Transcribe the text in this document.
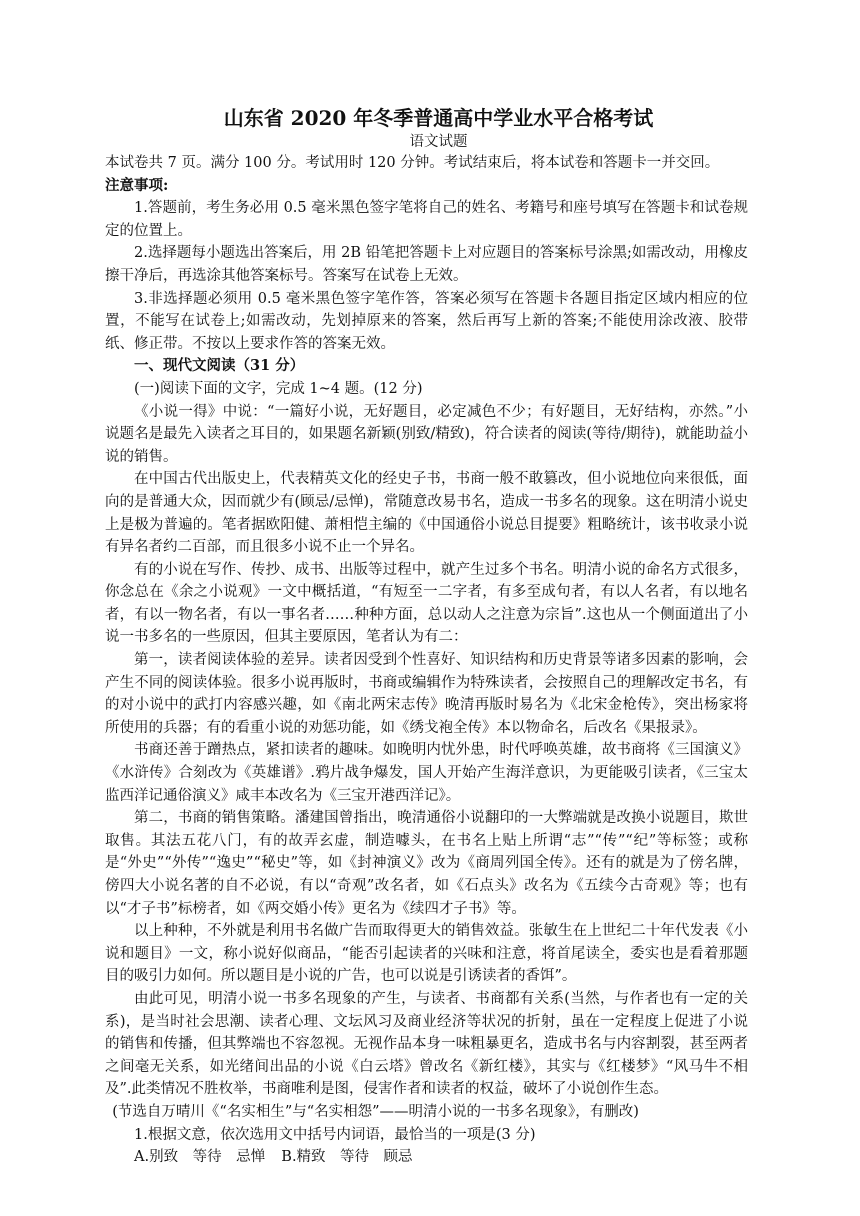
山东省 2020 年冬季普通高中学业水平合格考试
语文试题

本试卷共 7 页。满分 100 分。考试用时 120 分钟。考试结束后，将本试卷和答题卡一并交回。

注意事项:

1.答题前，考生务必用 0.5 毫米黑色签字笔将自己的姓名、考籍号和座号填写在答题卡和试卷规定的位置上。

2.选择题每小题选出答案后，用 2B 铅笔把答题卡上对应题目的答案标号涂黑;如需改动，用橡皮擦干净后，再选涂其他答案标号。答案写在试卷上无效。

3.非选择题必须用 0.5 毫米黑色签字笔作答，答案必须写在答题卡各题目指定区域内相应的位置，不能写在试卷上;如需改动，先划掉原来的答案，然后再写上新的答案;不能使用涂改液、胶带纸、修正带。不按以上要求作答的答案无效。

一、现代文阅读（31 分）

(一)阅读下面的文字，完成 1~4 题。(12 分)

《小说一得》中说：“一篇好小说，无好题目，必定减色不少；有好题目，无好结构，亦然。”小说题名是最先入读者之耳目的，如果题名新颖(别致/精致)，符合读者的阅读(等待/期待)，就能助益小说的销售。

在中国古代出版史上，代表精英文化的经史子书，书商一般不敢篡改，但小说地位向来很低，面向的是普通大众，因而就少有(顾忌/忌惮)，常随意改易书名，造成一书多名的现象。这在明清小说史上是极为普遍的。笔者据欧阳健、萧相恺主编的《中国通俗小说总目提要》粗略统计，该书收录小说有异名者约二百部，而且很多小说不止一个异名。

有的小说在写作、传抄、成书、出版等过程中，就产生过多个书名。明清小说的命名方式很多，你念总在《余之小说观》一文中概括道，“有短至一二字者，有多至成句者，有以人名者，有以地名者，有以一物名者，有以一事名者……种种方面，总以动人之注意为宗旨”.这也从一个侧面道出了小说一书多名的一些原因，但其主要原因，笔者认为有二：

第一，读者阅读体验的差异。读者因受到个性喜好、知识结构和历史背景等诸多因素的影响，会产生不同的阅读体验。很多小说再版时，书商或编辑作为特殊读者，会按照自己的理解改定书名，有的对小说中的武打内容感兴趣，如《南北两宋志传》晚清再版时易名为《北宋金枪传》，突出杨家将所使用的兵器；有的看重小说的劝惩功能，如《绣戈袍全传》本以物命名，后改名《果报录》。

书商还善于蹭热点，紧扣读者的趣味。如晚明内忧外患，时代呼唤英雄，故书商将《三国演义》《水浒传》合刻改为《英雄谱》.鸦片战争爆发，国人开始产生海洋意识，为更能吸引读者，《三宝太监西洋记通俗演义》咸丰本改名为《三宝开港西洋记》。

第二，书商的销售策略。潘建国曾指出，晚清通俗小说翻印的一大弊端就是改换小说题目，欺世取售。其法五花八门，有的故弄玄虚，制造噱头，在书名上贴上所谓“志”“传”“纪”等标签；或称是“外史”“外传”“逸史”“秘史”等，如《封神演义》改为《商周列国全传》。还有的就是为了傍名牌，傍四大小说名著的自不必说，有以“奇观”改名者，如《石点头》改名为《五续今古奇观》等；也有以“才子书”标榜者，如《两交婚小传》更名为《续四才子书》等。

以上种种，不外就是利用书名做广告而取得更大的销售效益。张敏生在上世纪二十年代发表《小说和题目》一文，称小说好似商品，“能否引起读者的兴味和注意，将首尾读全，委实也是看着那题目的吸引力如何。所以题目是小说的广告，也可以说是引诱读者的香饵”。

由此可见，明清小说一书多名现象的产生，与读者、书商都有关系(当然，与作者也有一定的关系)，是当时社会思潮、读者心理、文坛风习及商业经济等状况的折射，虽在一定程度上促进了小说的销售和传播，但其弊端也不容忽视。无视作品本身一味粗暴更名，造成书名与内容割裂，甚至两者之间毫无关系，如光绪间出品的小说《白云塔》曾改名《新红楼》，其实与《红楼梦》“风马牛不相及”.此类情况不胜枚举，书商唯利是图，侵害作者和读者的权益，破坏了小说创作生态。

(节选自万晴川《“名实相生”与“名实相怨”——明清小说的一书多名现象》，有删改)

1.根据文意，依次选用文中括号内词语，最恰当的一项是(3 分)

A.别致　等待　忌惮 B.精致　等待　顾忌
